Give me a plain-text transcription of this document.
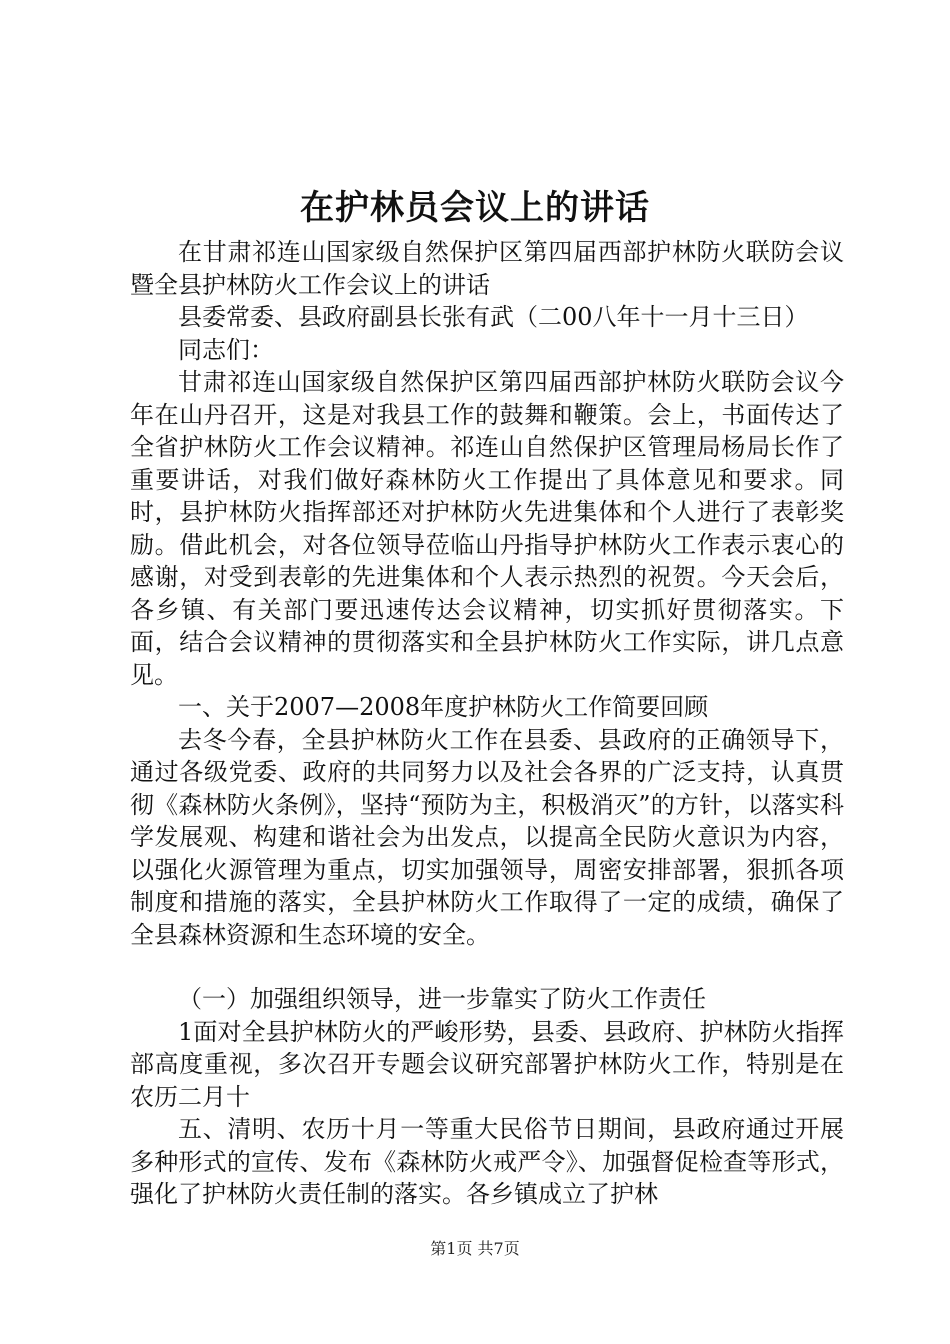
在护林员会议上的讲话

在甘肃祁连山国家级自然保护区第四届西部护林防火联防会议暨全县护林防火工作会议上的讲话

县委常委、县政府副县长张有武（二00八年十一月十三日）

同志们：

甘肃祁连山国家级自然保护区第四届西部护林防火联防会议今年在山丹召开，这是对我县工作的鼓舞和鞭策。会上，书面传达了全省护林防火工作会议精神。祁连山自然保护区管理局杨局长作了重要讲话，对我们做好森林防火工作提出了具体意见和要求。同时，县护林防火指挥部还对护林防火先进集体和个人进行了表彰奖励。借此机会，对各位领导莅临山丹指导护林防火工作表示衷心的感谢，对受到表彰的先进集体和个人表示热烈的祝贺。今天会后，各乡镇、有关部门要迅速传达会议精神，切实抓好贯彻落实。下面，结合会议精神的贯彻落实和全县护林防火工作实际，讲几点意见。

一、关于2007—2008年度护林防火工作简要回顾

去冬今春，全县护林防火工作在县委、县政府的正确领导下，通过各级党委、政府的共同努力以及社会各界的广泛支持，认真贯彻《森林防火条例》，坚持“预防为主，积极消灭”的方针，以落实科学发展观、构建和谐社会为出发点，以提高全民防火意识为内容，以强化火源管理为重点，切实加强领导，周密安排部署，狠抓各项制度和措施的落实，全县护林防火工作取得了一定的成绩，确保了全县森林资源和生态环境的安全。

（一）加强组织领导，进一步靠实了防火工作责任

1面对全县护林防火的严峻形势，县委、县政府、护林防火指挥部高度重视，多次召开专题会议研究部署护林防火工作，特别是在农历二月十

五、清明、农历十月一等重大民俗节日期间，县政府通过开展多种形式的宣传、发布《森林防火戒严令》、加强督促检查等形式，强化了护林防火责任制的落实。各乡镇成立了护林

第1页 共7页
